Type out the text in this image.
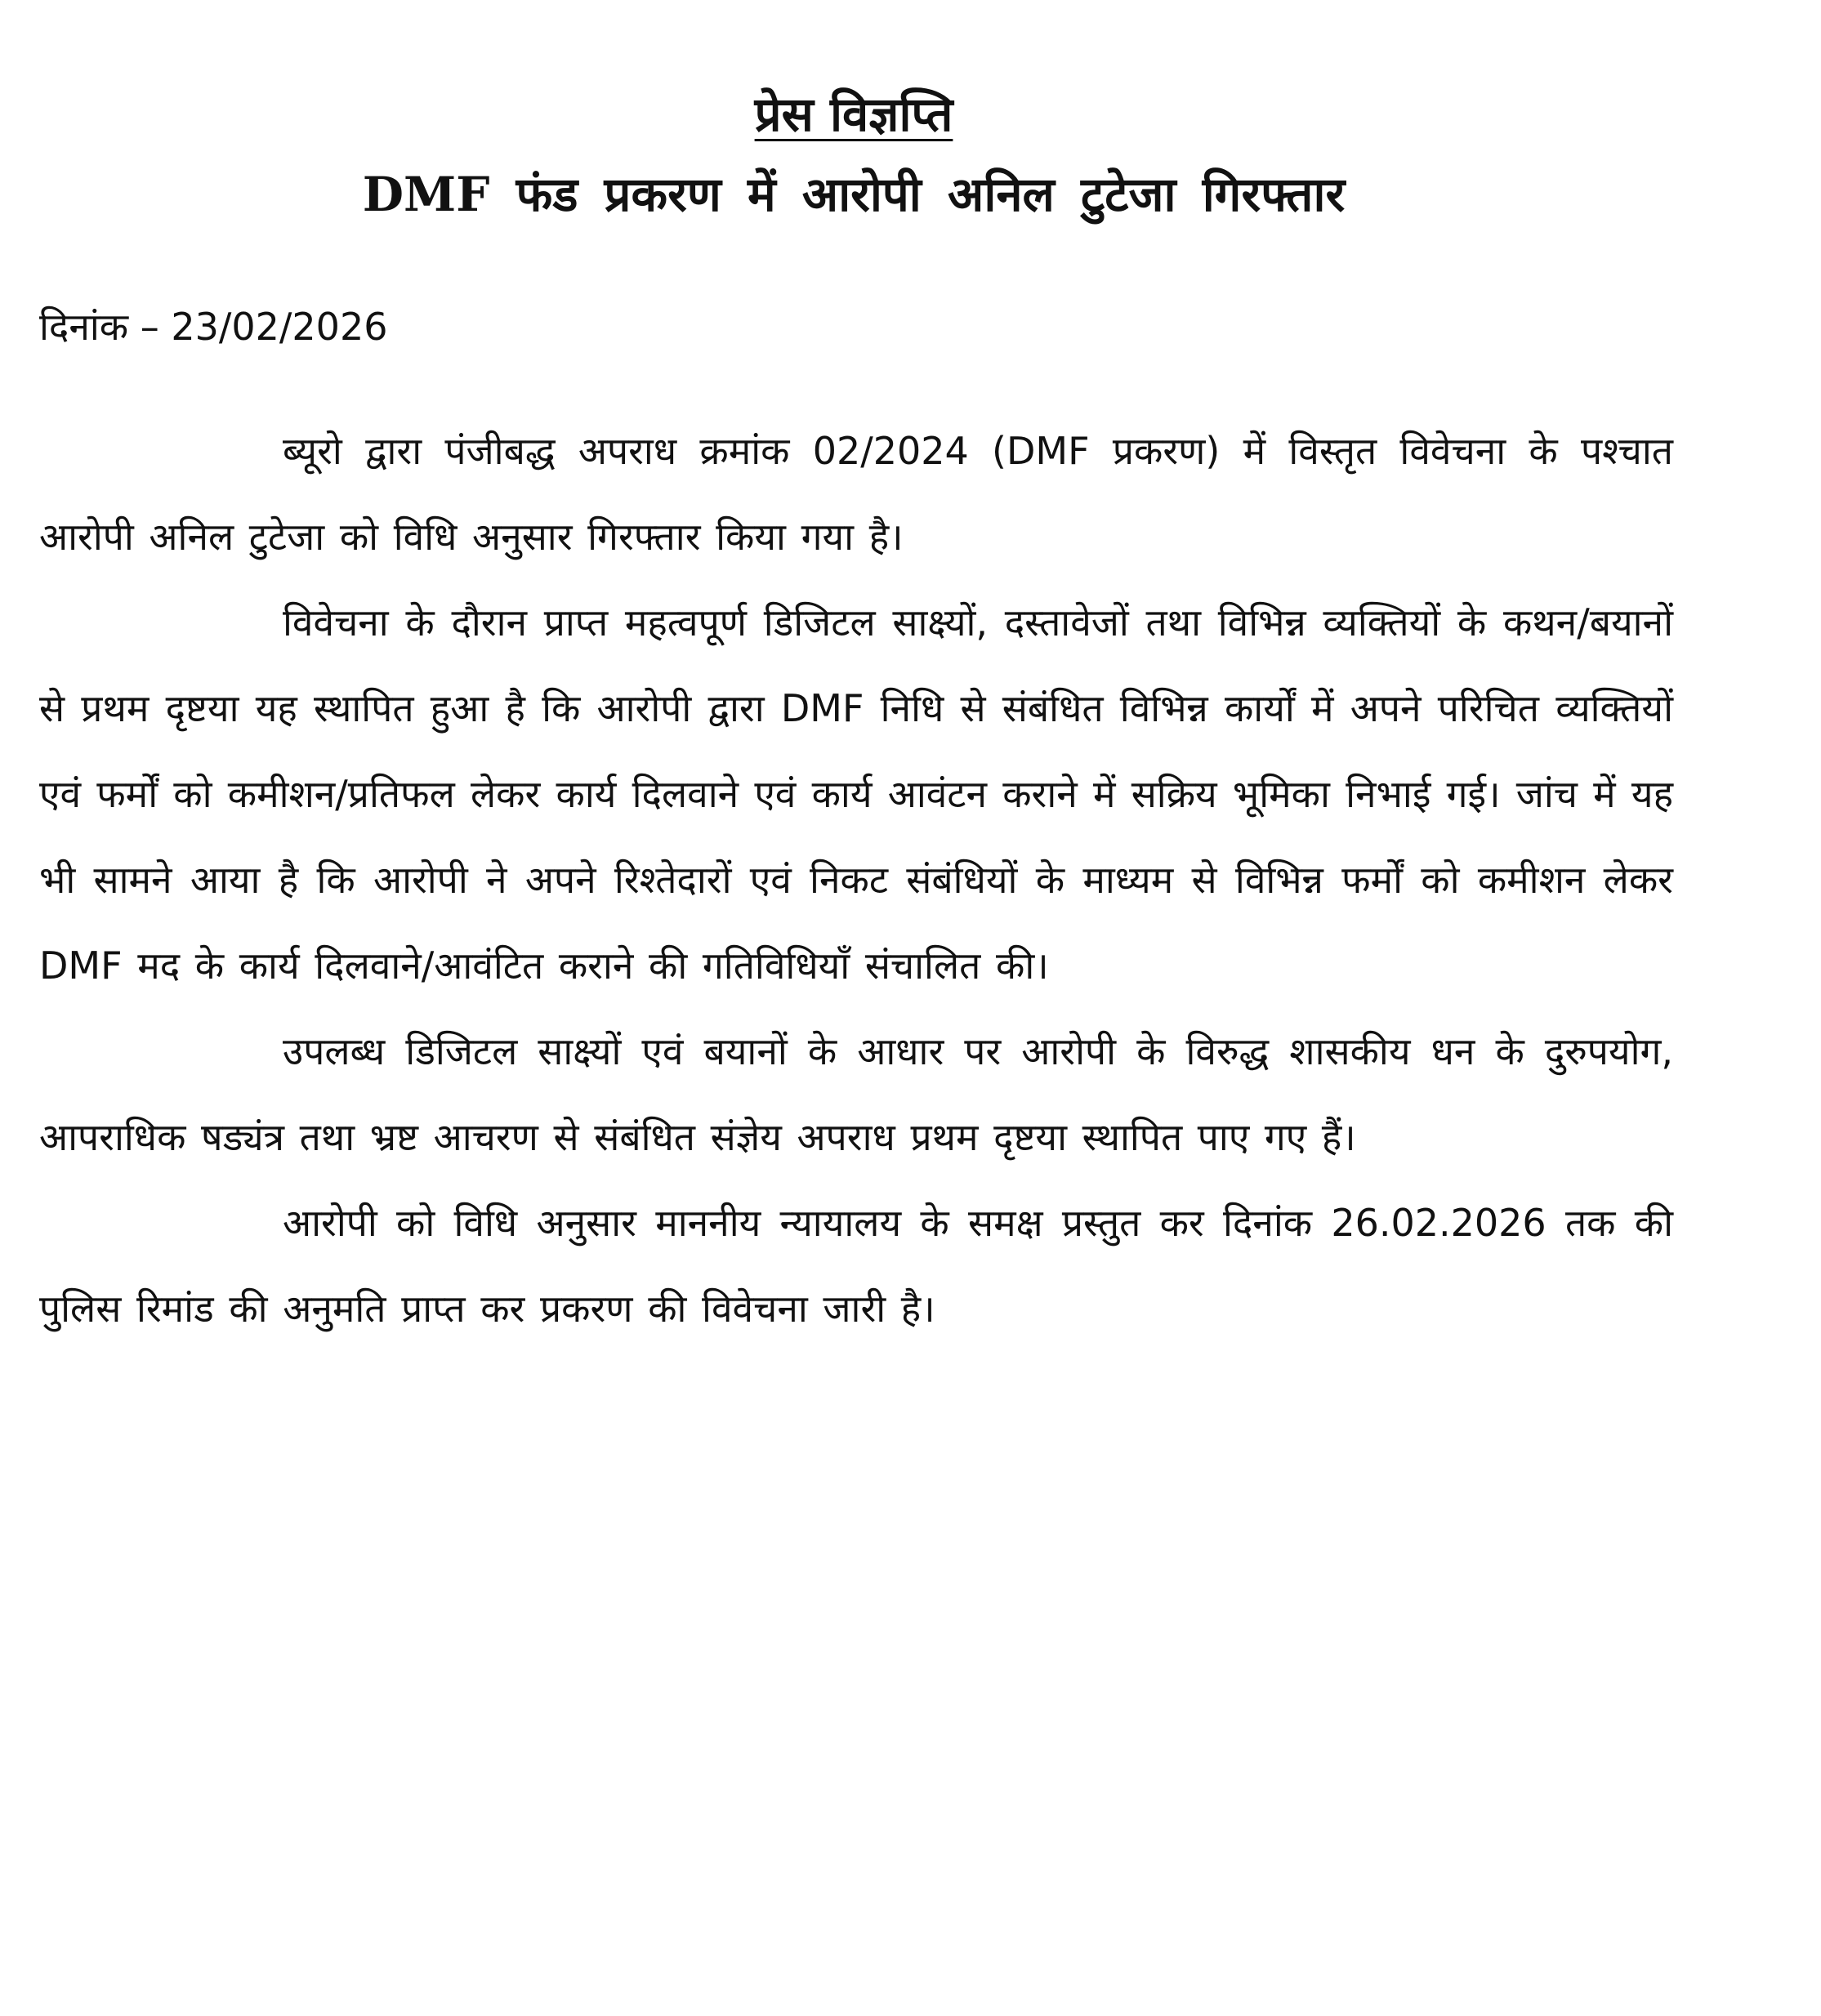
प्रेस विज्ञप्ति
DMF फंड प्रकरण में आरोपी अनिल टुटेजा गिरफ्तार
दिनांक – 23/02/2026

ब्यूरो द्वारा पंजीबद्ध अपराध क्रमांक 02/2024 (DMF प्रकरण) में विस्तृत विवेचना के पश्चात आरोपी अनिल टुटेजा को विधि अनुसार गिरफ्तार किया गया है।

विवेचना के दौरान प्राप्त महत्वपूर्ण डिजिटल साक्ष्यों, दस्तावेजों तथा विभिन्न व्यक्तियों के कथन/बयानों से प्रथम दृष्टया यह स्थापित हुआ है कि आरोपी द्वारा DMF निधि से संबंधित विभिन्न कार्यों में अपने परिचित व्यक्तियों एवं फर्मों को कमीशन/प्रतिफल लेकर कार्य दिलवाने एवं कार्य आवंटन कराने में सक्रिय भूमिका निभाई गई। जांच में यह भी सामने आया है कि आरोपी ने अपने रिश्तेदारों एवं निकट संबंधियों के माध्यम से विभिन्न फर्मों को कमीशन लेकर DMF मद के कार्य दिलवाने/आवंटित कराने की गतिविधियाँ संचालित की।

उपलब्ध डिजिटल साक्ष्यों एवं बयानों के आधार पर आरोपी के विरुद्ध शासकीय धन के दुरुपयोग, आपराधिक षड्यंत्र तथा भ्रष्ट आचरण से संबंधित संज्ञेय अपराध प्रथम दृष्टया स्थापित पाए गए हैं।

आरोपी को विधि अनुसार माननीय न्यायालय के समक्ष प्रस्तुत कर दिनांक 26.02.2026 तक की पुलिस रिमांड की अनुमति प्राप्त कर प्रकरण की विवेचना जारी है।
